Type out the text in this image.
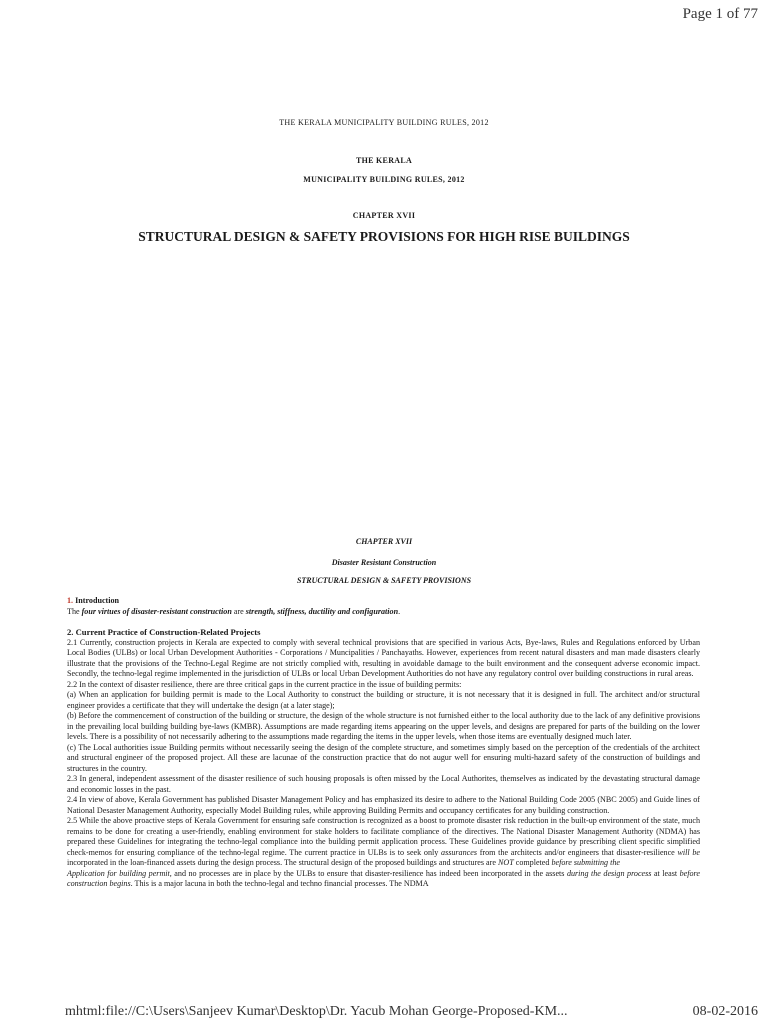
Page 1 of 77
THE KERALA MUNICIPALITY BUILDING RULES, 2012
THE KERALA
MUNICIPALITY BUILDING RULES, 2012
CHAPTER XVII
STRUCTURAL DESIGN & SAFETY PROVISIONS FOR HIGH RISE BUILDINGS
CHAPTER XVII
Disaster Resistant Construction
STRUCTURAL DESIGN & SAFETY PROVISIONS
1. Introduction
The four virtues of disaster-resistant construction are strength, stiffness, ductility and configuration.
2. Current Practice of Construction-Related Projects

2.1 Currently, construction projects in Kerala are expected to comply with several technical provisions that are specified in various Acts, Bye-laws, Rules and Regulations enforced by Urban Local Bodies (ULBs) or local Urban Development Authorities - Corporations / Muncipalities / Panchayaths. However, experiences from recent natural disasters and man made disasters clearly illustrate that the provisions of the Techno-Legal Regime are not strictly complied with, resulting in avoidable damage to the built environment and the consequent adverse economic impact. Secondly, the techno-legal regime implemented in the jurisdiction of ULBs or local Urban Development Authorities do not have any regulatory control over building constructions in rural areas.

2.2 In the context of disaster resilience, there are three critical gaps in the current practice in the issue of building permits:

(a) When an application for building permit is made to the Local Authority to construct the building or structure, it is not necessary that it is designed in full. The architect and/or structural engineer provides a certificate that they will undertake the design (at a later stage);

(b) Before the commencement of construction of the building or structure, the design of the whole structure is not furnished either to the local authority due to the lack of any definitive provisions in the prevailing local building building bye-laws (KMBR). Assumptions are made regarding items appearing on the upper levels, and designs are prepared for parts of the building on the lower levels. There is a possibility of not necessarily adhering to the assumptions made regarding the items in the upper levels, when those items are eventually designed much later.

(c) The Local authorities issue Building permits without necessarily seeing the design of the complete structure, and sometimes simply based on the perception of the credentials of the architect and structural engineer of the proposed project. All these are lacunae of the construction practice that do not augur well for ensuring multi-hazard safety of the construction of buildings and structures in the country.

2.3 In general, independent assessment of the disaster resilience of such housing proposals is often missed by the Local Authorites, themselves as indicated by the devastating structural damage and economic losses in the past.

2.4 In view of above, Kerala Government has published Disaster Management Policy and has emphasized its desire to adhere to the National Building Code 2005 (NBC 2005) and Guide lines of National Desaster Management Authority, especially Model Building rules, while approving Building Permits and occupancy certificates for any building construction.

2.5 While the above proactive steps of Kerala Government for ensuring safe construction is recognized as a boost to promote disaster risk reduction in the built-up environment of the state, much remains to be done for creating a user-friendly, enabling environment for stake holders to facilitate compliance of the directives. The National Disaster Management Authority (NDMA) has prepared these Guidelines for integrating the techno-legal compliance into the building permit application process. These Guidelines provide guidance by prescribing client specific simplified check-memos for ensuring compliance of the techno-legal regime. The current practice in ULBs is to seek only assurances from the architects and/or engineers that disaster-resilience will be incorporated in the loan-financed assets during the design process. The structural design of the proposed buildings and structures are NOT completed before submitting the
Application for building permit, and no processes are in place by the ULBs to ensure that disaster-resilience has indeed been incorporated in the assets during the design process at least before construction begins. This is a major lacuna in both the techno-legal and techno financial processes. The NDMA

mhtml:file://C:\Users\Sanjeev Kumar\Desktop\Dr. Yacub Mohan George-Proposed-KM...	08-02-2016
